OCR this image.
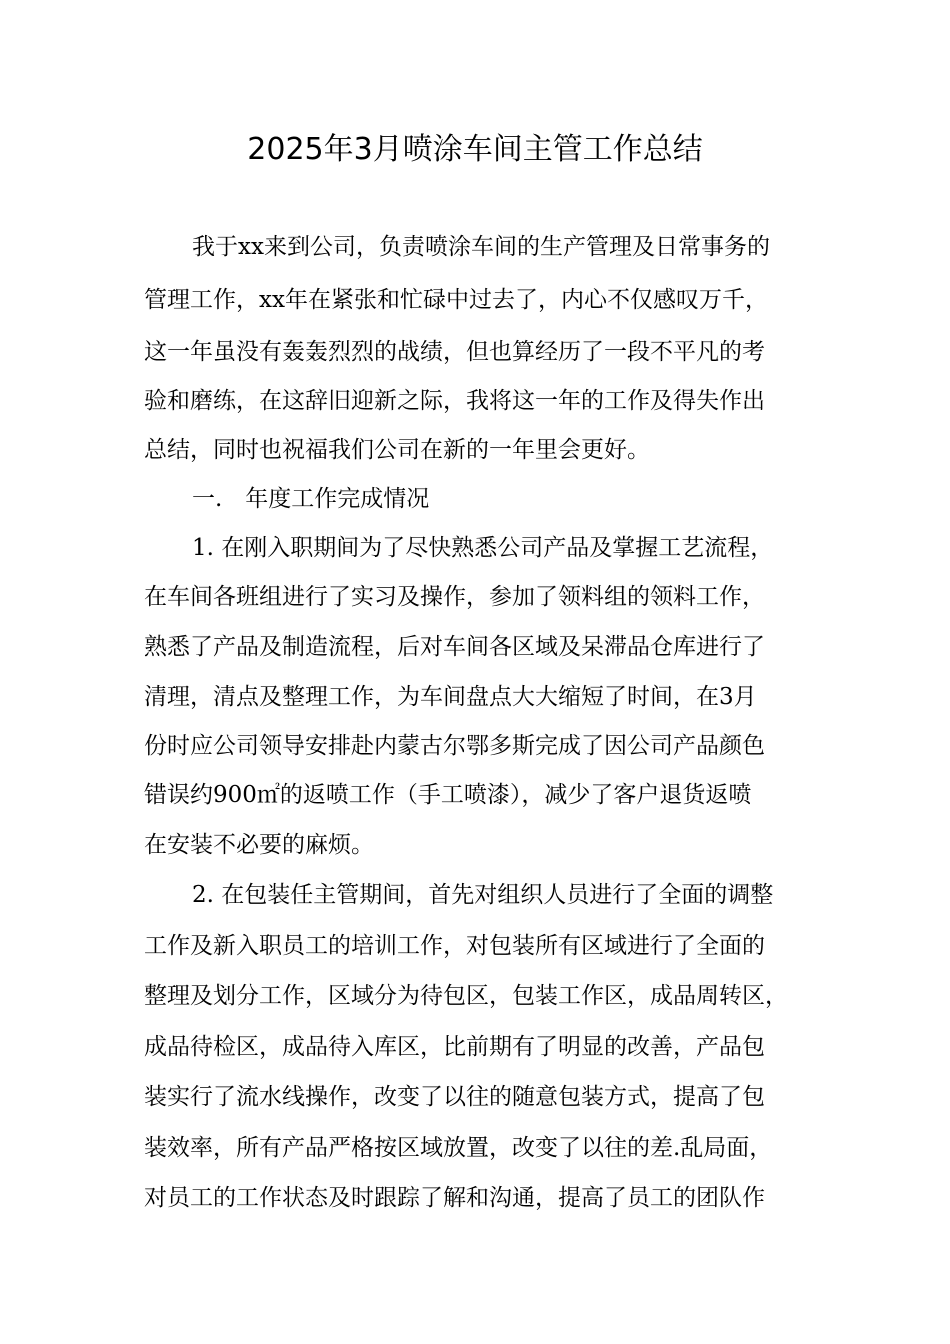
2025年3月喷涂车间主管工作总结

我于xx来到公司，负责喷涂车间的生产管理及日常事务的

管理工作，xx年在紧张和忙碌中过去了，内心不仅感叹万千，

这一年虽没有轰轰烈烈的战绩，但也算经历了一段不平凡的考

验和磨练，在这辞旧迎新之际，我将这一年的工作及得失作出

总结，同时也祝福我们公司在新的一年里会更好。

一.　年度工作完成情况

1. 在刚入职期间为了尽快熟悉公司产品及掌握工艺流程，

在车间各班组进行了实习及操作，参加了领料组的领料工作，

熟悉了产品及制造流程，后对车间各区域及呆滞品仓库进行了

清理，清点及整理工作，为车间盘点大大缩短了时间，在3月

份时应公司领导安排赴内蒙古尔鄂多斯完成了因公司产品颜色

错误约900㎡的返喷工作（手工喷漆），减少了客户退货返喷

在安装不必要的麻烦。

2. 在包装任主管期间，首先对组织人员进行了全面的调整

工作及新入职员工的培训工作，对包装所有区域进行了全面的

整理及划分工作，区域分为待包区，包装工作区，成品周转区，

成品待检区，成品待入库区，比前期有了明显的改善，产品包

装实行了流水线操作，改变了以往的随意包装方式，提高了包

装效率，所有产品严格按区域放置，改变了以往的差.乱局面，

对员工的工作状态及时跟踪了解和沟通，提高了员工的团队作
